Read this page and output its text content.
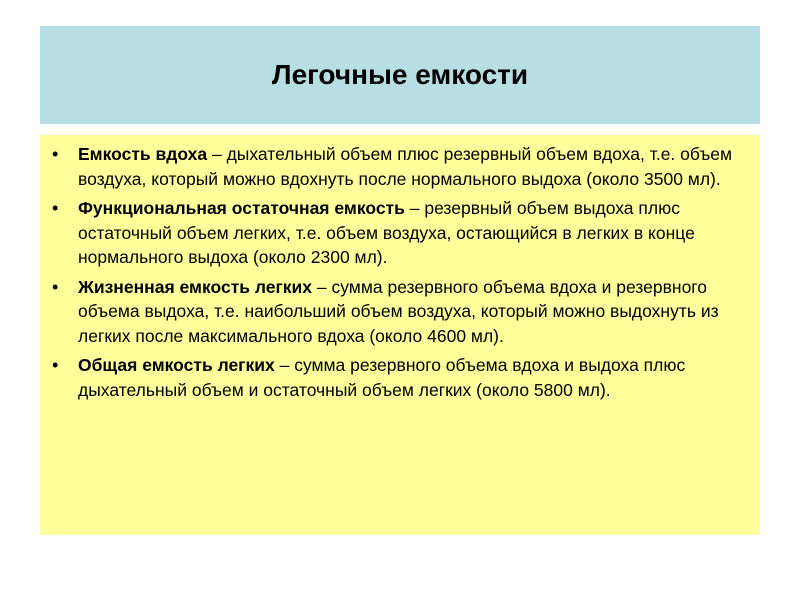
Легочные емкости
• Емкость вдоха – дыхательный объем плюс резервный объем вдоха, т.е. объем воздуха, который можно вдохнуть после нормального выдоха (около 3500 мл).
• Функциональная остаточная емкость – резервный объем выдоха плюс остаточный объем легких, т.е. объем воздуха, остающийся в легких в конце нормального выдоха (около 2300 мл).
• Жизненная емкость легких – сумма резервного объема вдоха и резервного объема выдоха, т.е. наибольший объем воздуха, который можно выдохнуть из легких после максимального вдоха (около 4600 мл).
• Общая емкость легких – сумма резервного объема вдоха и выдоха плюс дыхательный объем и остаточный объем легких (около 5800 мл).
